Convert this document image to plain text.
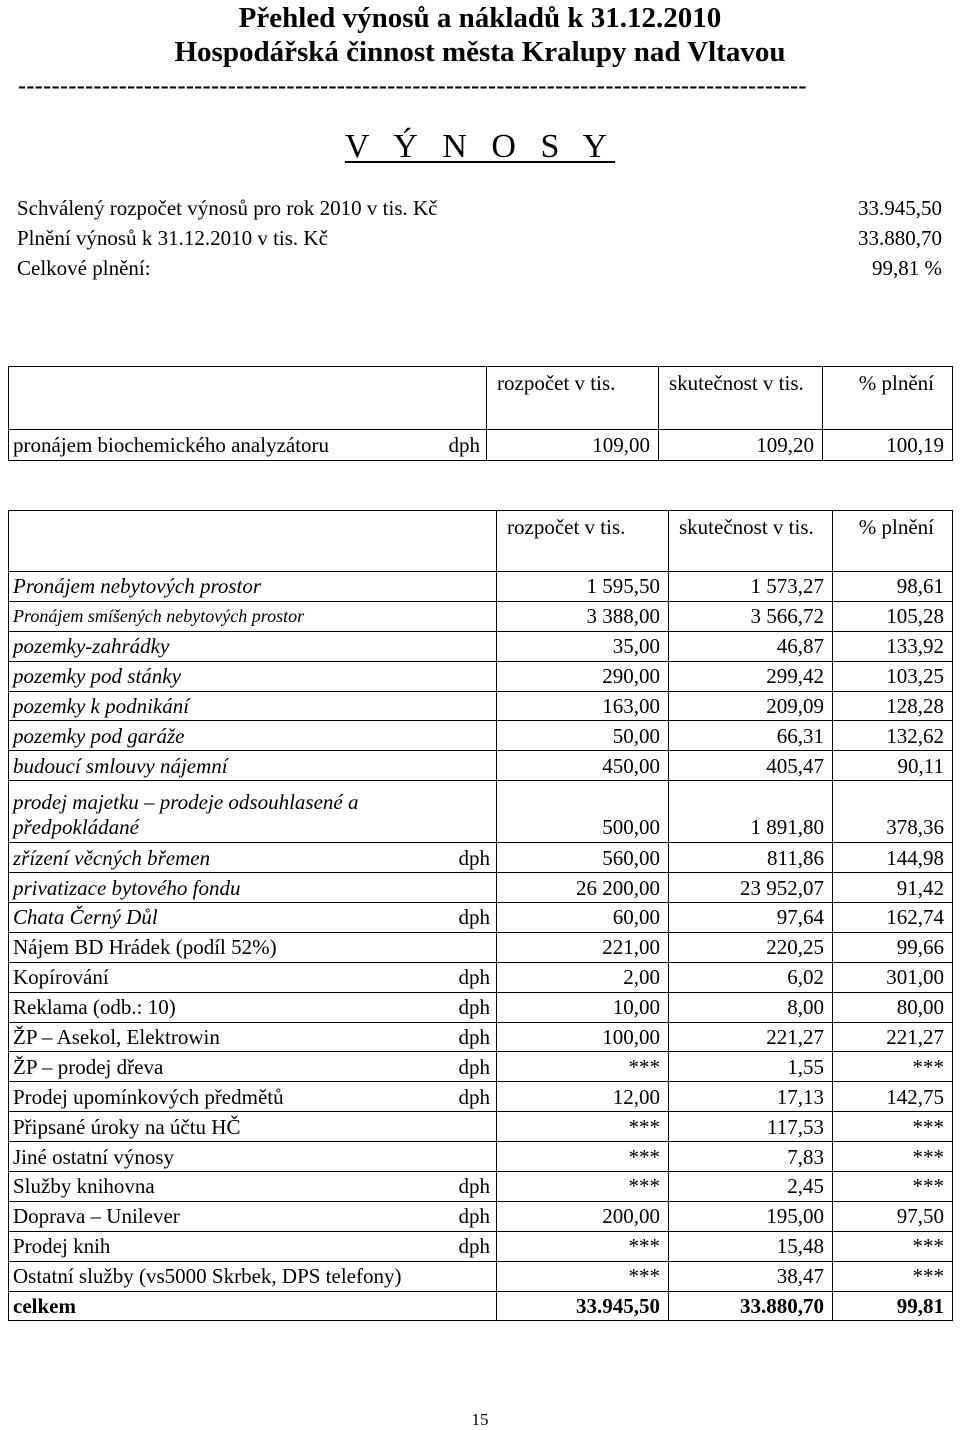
Přehled výnosů a nákladů k 31.12.2010
Hospodářská činnost města Kralupy nad Vltavou
----------------------------------------------------------------------------------------------
V Ý N O S Y
Schválený rozpočet výnosů pro rok 2010 v tis. Kč	33.945,50
Plnění výnosů k 31.12.2010 v tis. Kč	33.880,70
Celkové plnění:	99,81 %
	rozpočet v tis.	skutečnost v tis.	% plnění
pronájem biochemického analyzátoru dph	109,00	109,20	100,19
		rozpočet v tis.	skutečnost v tis.	% plnění
Pronájem nebytových prostor		1 595,50	1 573,27	98,61
Pronájem smíšených nebytových prostor		3 388,00	3 566,72	105,28
pozemky-zahrádky		35,00	46,87	133,92
pozemky pod stánky		290,00	299,42	103,25
pozemky k podnikání		163,00	209,09	128,28
pozemky pod garáže		50,00	66,31	132,62
budoucí smlouvy nájemní		450,00	405,47	90,11

prodej majetku – prodeje odsouhlasené a
předpokládané		500,00	1 891,80	378,36
zřízení věcných břemen	dph	560,00	811,86	144,98
privatizace bytového fondu		26 200,00	23 952,07	91,42
Chata Černý Důl	dph	60,00	97,64	162,74
Nájem BD Hrádek (podíl 52%)		221,00	220,25	99,66
Kopírování	dph	2,00	6,02	301,00
Reklama (odb.: 10)	dph	10,00	8,00	80,00
ŽP – Asekol, Elektrowin	dph	100,00	221,27	221,27
ŽP – prodej dřeva	dph	***	1,55	***
Prodej upomínkových předmětů	dph	12,00	17,13	142,75
Připsané úroky na účtu HČ		***	117,53	***
Jiné ostatní výnosy		***	7,83	***
Služby knihovna	dph	***	2,45	***
Doprava – Unilever	dph	200,00	195,00	97,50
Prodej knih	dph	***	15,48	***
Ostatní služby (vs5000 Skrbek, DPS telefony)		***	38,47	***
celkem		33.945,50	33.880,70	99,81
15
